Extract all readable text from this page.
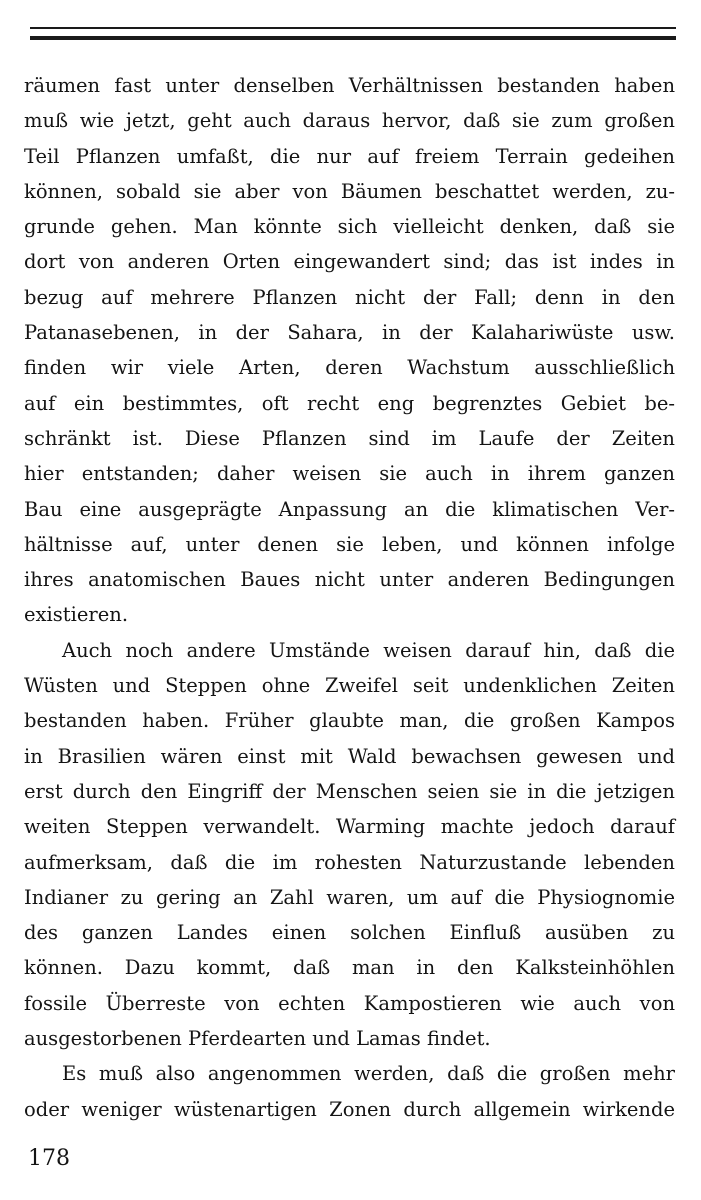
räumen fast unter denselben Verhältnissen bestanden haben
muß wie jetzt, geht auch daraus hervor, daß sie zum großen
Teil Pflanzen umfaßt, die nur auf freiem Terrain gedeihen
können, sobald sie aber von Bäumen beschattet werden, zu-
grunde gehen. Man könnte sich vielleicht denken, daß sie
dort von anderen Orten eingewandert sind; das ist indes in
bezug auf mehrere Pflanzen nicht der Fall; denn in den
Patanasebenen, in der Sahara, in der Kalahariwüste usw.
finden wir viele Arten, deren Wachstum ausschließlich
auf ein bestimmtes, oft recht eng begrenztes Gebiet be-
schränkt ist. Diese Pflanzen sind im Laufe der Zeiten
hier entstanden; daher weisen sie auch in ihrem ganzen
Bau eine ausgeprägte Anpassung an die klimatischen Ver-
hältnisse auf, unter denen sie leben, und können infolge
ihres anatomischen Baues nicht unter anderen Bedingungen
existieren.
Auch noch andere Umstände weisen darauf hin, daß die
Wüsten und Steppen ohne Zweifel seit undenklichen Zeiten
bestanden haben. Früher glaubte man, die großen Kampos
in Brasilien wären einst mit Wald bewachsen gewesen und
erst durch den Eingriff der Menschen seien sie in die jetzigen
weiten Steppen verwandelt. Warming machte jedoch darauf
aufmerksam, daß die im rohesten Naturzustande lebenden
Indianer zu gering an Zahl waren, um auf die Physiognomie
des ganzen Landes einen solchen Einfluß ausüben zu
können. Dazu kommt, daß man in den Kalksteinhöhlen
fossile Überreste von echten Kampostieren wie auch von
ausgestorbenen Pferdearten und Lamas findet.
Es muß also angenommen werden, daß die großen mehr
oder weniger wüstenartigen Zonen durch allgemein wirkende
178
